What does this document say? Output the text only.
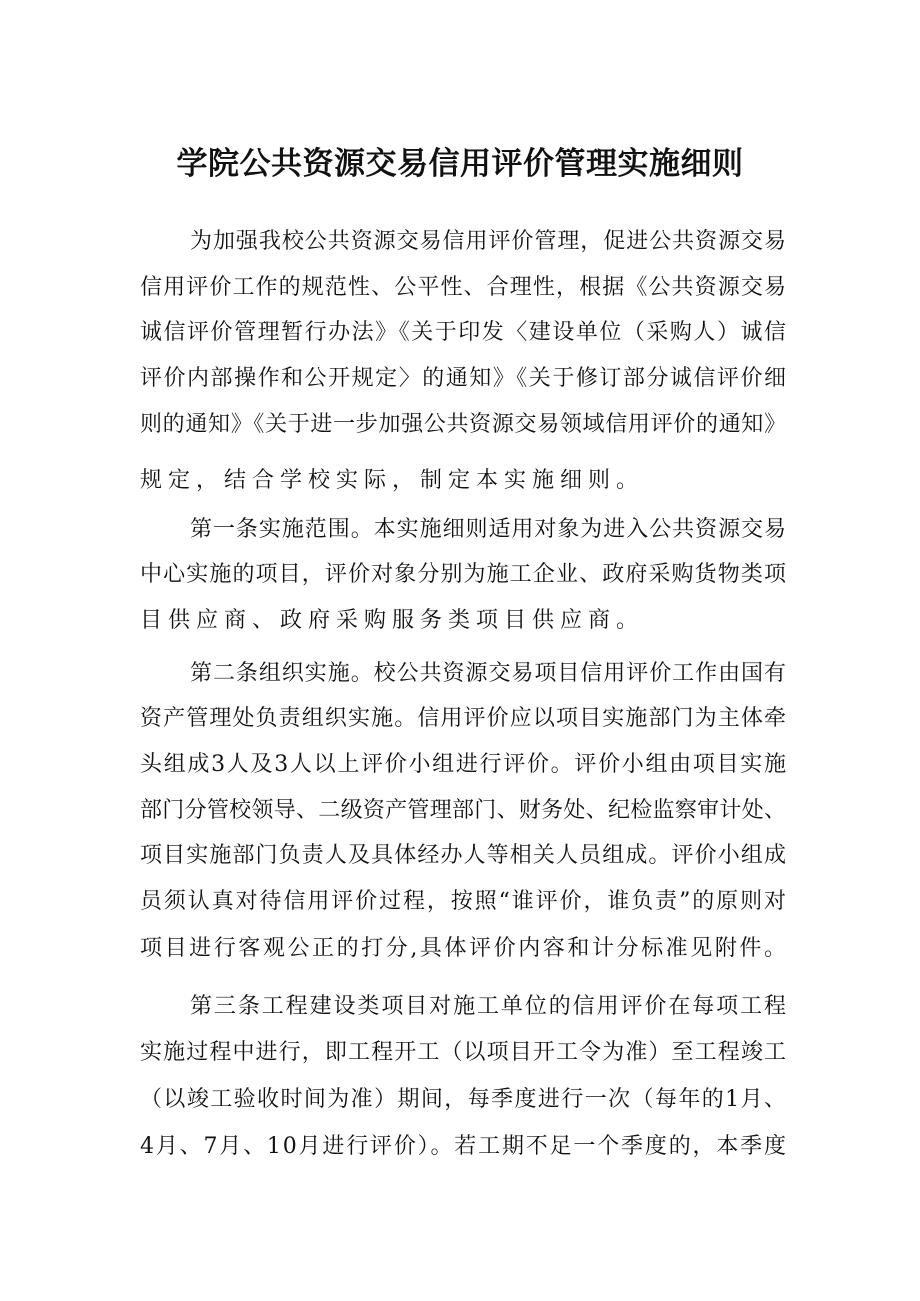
学院公共资源交易信用评价管理实施细则

为加强我校公共资源交易信用评价管理，促进公共资源交易

信用评价工作的规范性、公平性、合理性，根据《公共资源交易

诚信评价管理暂行办法》《关于印发〈建设单位（采购人）诚信

评价内部操作和公开规定〉的通知》《关于修订部分诚信评价细

则的通知》《关于进一步加强公共资源交易领域信用评价的通知》

规定，结合学校实际，制定本实施细则。

第一条实施范围。本实施细则适用对象为进入公共资源交易

中心实施的项目，评价对象分别为施工企业、政府采购货物类项

目供应商、政府采购服务类项目供应商。

第二条组织实施。校公共资源交易项目信用评价工作由国有

资产管理处负责组织实施。信用评价应以项目实施部门为主体牵

头组成3人及3人以上评价小组进行评价。评价小组由项目实施

部门分管校领导、二级资产管理部门、财务处、纪检监察审计处、

项目实施部门负责人及具体经办人等相关人员组成。评价小组成

员须认真对待信用评价过程，按照“谁评价，谁负责”的原则对

项目进行客观公正的打分,具体评价内容和计分标准见附件。

第三条工程建设类项目对施工单位的信用评价在每项工程

实施过程中进行，即工程开工（以项目开工令为准）至工程竣工

（以竣工验收时间为准）期间，每季度进行一次（每年的1月、

4月、7月、10月进行评价）。若工期不足一个季度的，本季度
